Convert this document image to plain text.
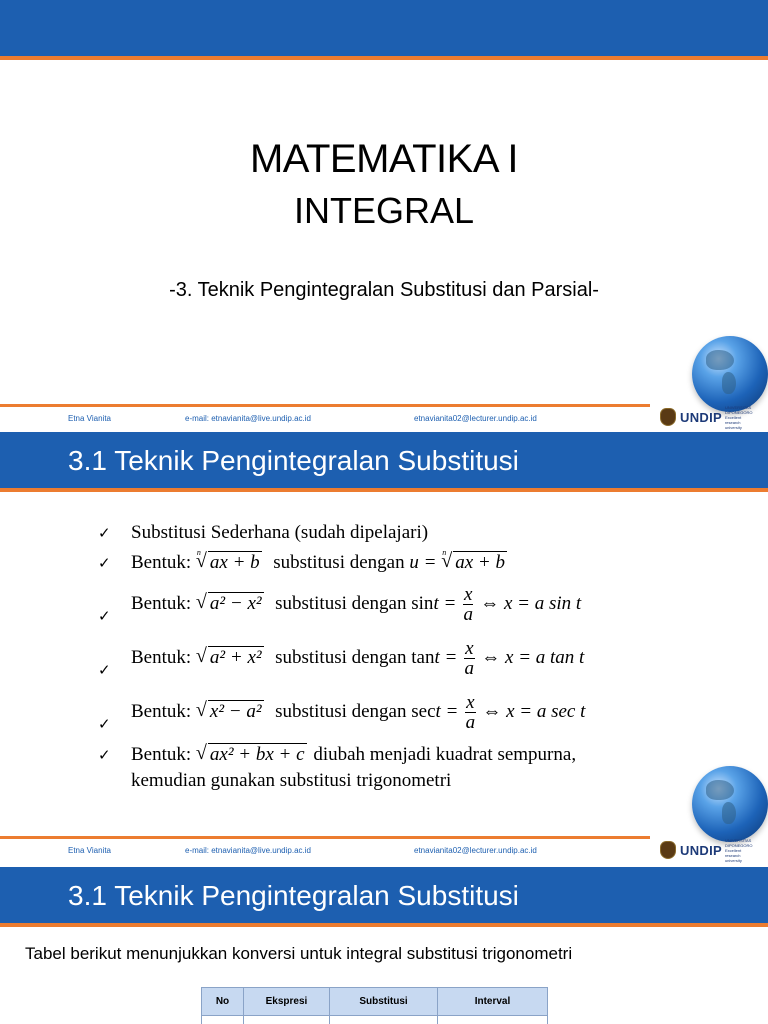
MATEMATIKA I
INTEGRAL
-3. Teknik Pengintegralan Substitusi dan Parsial-
Etna Vianita	e-mail: etnavianita@live.undip.ac.id	etnavianita02@lecturer.undip.ac.id	UNDIP
UNIVERSITAS
DIPONEGORO
Excellent research university
3.1 Teknik Pengintegralan Substitusi
✓ Substitusi Sederhana (sudah dipelajari)
✓ Bentuk: √ n ax + b substitusi dengan u = √ n ax + b
✓
Bentuk: √ a² − x² substitusi dengan $\sin t = \frac{x}{a}$ ⇔ x = a sin t
✓
Bentuk: √ a² + x² substitusi dengan $\tan t = \frac{x}{a}$ ⇔ x = a tan t
✓
Bentuk: √ x² − a² substitusi dengan $\sec t = \frac{x}{a}$ ⇔ x = a sec t
✓ Bentuk: √ ax² + bx + c diubah menjadi kuadrat sempurna,
kemudian gunakan substitusi trigonometri
Etna Vianita	e-mail: etnavianita@live.undip.ac.id	etnavianita02@lecturer.undip.ac.id	UNDIP
UNIVERSITAS
DIPONEGORO
Excellent research university
3.1 Teknik Pengintegralan Substitusi
Tabel berikut menunjukkan konversi untuk integral substitusi trigonometri
No	Ekspresi	Substitusi	Interval
